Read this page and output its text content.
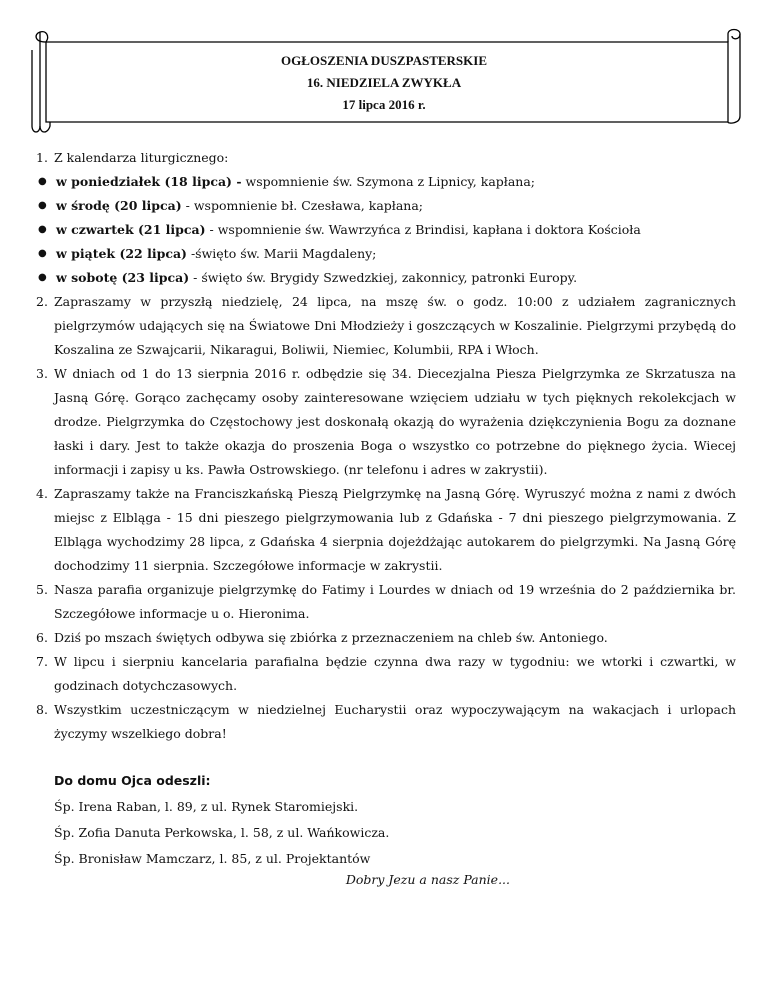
OGŁOSZENIA DUSZPASTERSKIE
16. NIEDZIELA ZWYKŁA
17 lipca 2016 r.

1. Z kalendarza liturgicznego:

● w poniedziałek (18 lipca) - wspomnienie św. Szymona z Lipnicy, kapłana;

● w środę (20 lipca) - wspomnienie bł. Czesława, kapłana;

● w czwartek (21 lipca) - wspomnienie św. Wawrzyńca z Brindisi, kapłana i doktora Kościoła

● w piątek (22 lipca) -święto św. Marii Magdaleny;

● w sobotę (23 lipca) - święto św. Brygidy Szwedzkiej, zakonnicy, patronki Europy.

2. Zapraszamy w przyszłą niedzielę, 24 lipca, na mszę św. o godz. 10:00 z udziałem zagranicznych pielgrzymów udających się na Światowe Dni Młodzieży i goszczących w Koszalinie. Pielgrzymi przybędą do Koszalina ze Szwajcarii, Nikaragui, Boliwii, Niemiec, Kolumbii, RPA i Włoch.

3. W dniach od 1 do 13 sierpnia 2016 r. odbędzie się 34. Diecezjalna Piesza Pielgrzymka ze Skrzatusza na Jasną Górę. Gorąco zachęcamy osoby zainteresowane wzięciem udziału w tych pięknych rekolekcjach w drodze. Pielgrzymka do Częstochowy jest doskonałą okazją do wyrażenia dziękczynienia Bogu za doznane łaski i dary. Jest to także okazja do proszenia Boga o wszystko co potrzebne do pięknego życia. Wiecej informacji i zapisy u ks. Pawła Ostrowskiego. (nr telefonu i adres w zakrystii).

4. Zapraszamy także na Franciszkańską Pieszą Pielgrzymkę na Jasną Górę. Wyruszyć można z nami z dwóch miejsc z Elbląga - 15 dni pieszego pielgrzymowania lub z Gdańska - 7 dni pieszego pielgrzymowania. Z Elbląga wychodzimy 28 lipca, z Gdańska 4 sierpnia dojeżdżając autokarem do pielgrzymki. Na Jasną Górę dochodzimy 11 sierpnia. Szczegółowe informacje w zakrystii.

5. Nasza parafia organizuje pielgrzymkę do Fatimy i Lourdes w dniach od 19 września do 2 października br. Szczegółowe informacje u o. Hieronima.

6. Dziś po mszach świętych odbywa się zbiórka z przeznaczeniem na chleb św. Antoniego.

7. W lipcu i sierpniu kancelaria parafialna będzie czynna dwa razy w tygodniu: we wtorki i czwartki, w godzinach dotychczasowych.

8. Wszystkim uczestniczącym w niedzielnej Eucharystii oraz wypoczywającym na wakacjach i urlopach życzymy wszelkiego dobra!

Do domu Ojca odeszli:
Śp. Irena Raban, l. 89, z ul. Rynek Staromiejski.
Śp. Zofia Danuta Perkowska, l. 58, z ul. Wańkowicza.
Śp. Bronisław Mamczarz, l. 85, z ul. Projektantów
Dobry Jezu a nasz Panie...
